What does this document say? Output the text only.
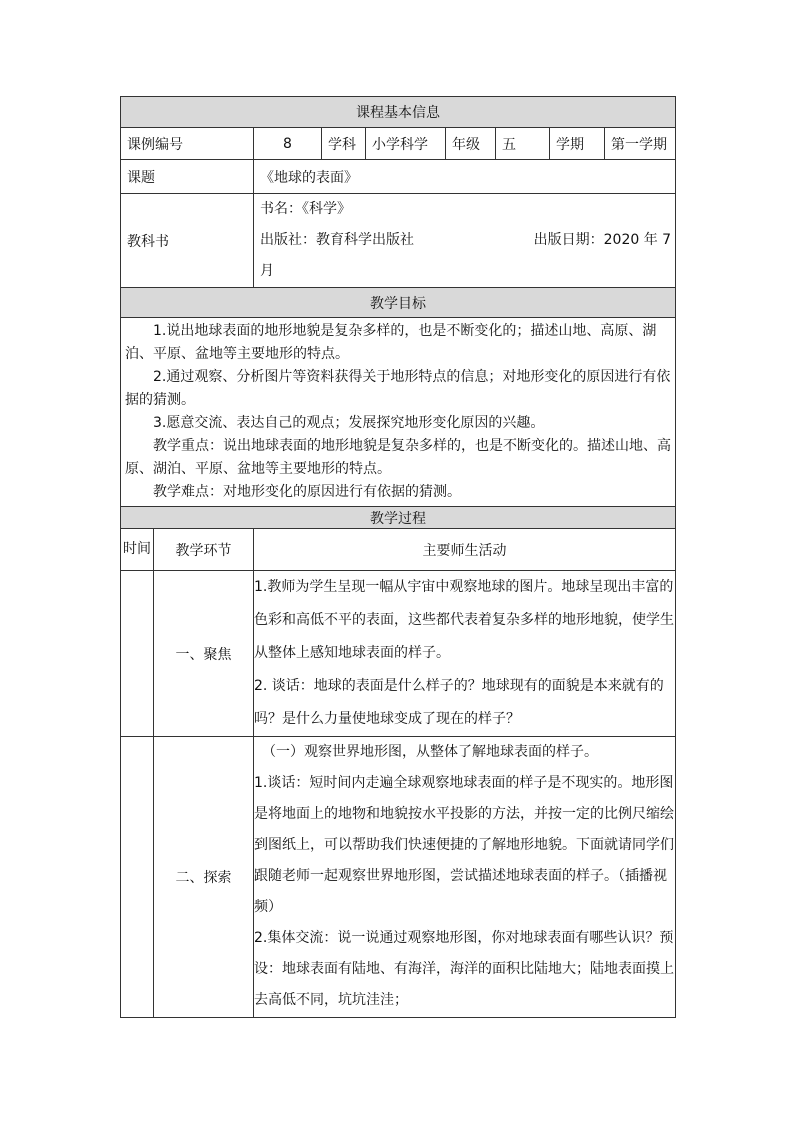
课程基本信息								
课例编号		8	学科	小学科学	年级	五	学期	第一学期
课题		《地球的表面》						
教科书		书名：《科学》
出版社：教育科学出版社 出版日期：2020 年 7
月						

教学目标								

1.说出地球表面的地形地貌是复杂多样的，也是不断变化的；描述山地、高原、湖泊、平原、盆地等主要地形的特点。
2.通过观察、分析图片等资料获得关于地形特点的信息；对地形变化的原因进行有依据的猜测。
3.愿意交流、表达自己的观点；发展探究地形变化原因的兴趣。
教学重点：说出地球表面的地形地貌是复杂多样的，也是不断变化的。描述山地、高原、湖泊、平原、盆地等主要地形的特点。
教学难点：对地形变化的原因进行有依据的猜测。								

教学过程								
时间	教学环节	主要师生活动						
	一、聚焦	1.教师为学生呈现一幅从宇宙中观察地球的图片。地球呈现出丰富的色彩和高低不平的表面，这些都代表着复杂多样的地形地貌，使学生从整体上感知地球表面的样子。
2. 谈话：地球的表面是什么样子的？地球现有的面貌是本来就有的吗？是什么力量使地球变成了现在的样子？						

	二、探索	（一）观察世界地形图，从整体了解地球表面的样子。
1.谈话：短时间内走遍全球观察地球表面的样子是不现实的。地形图是将地面上的地物和地貌按水平投影的方法，并按一定的比例尺缩绘到图纸上，可以帮助我们快速便捷的了解地形地貌。下面就请同学们跟随老师一起观察世界地形图，尝试描述地球表面的样子。（插播视频）
2.集体交流：说一说通过观察地形图，你对地球表面有哪些认识？预设：地球表面有陆地、有海洋，海洋的面积比陆地大；陆地表面摸上去高低不同，坑坑洼洼；						
